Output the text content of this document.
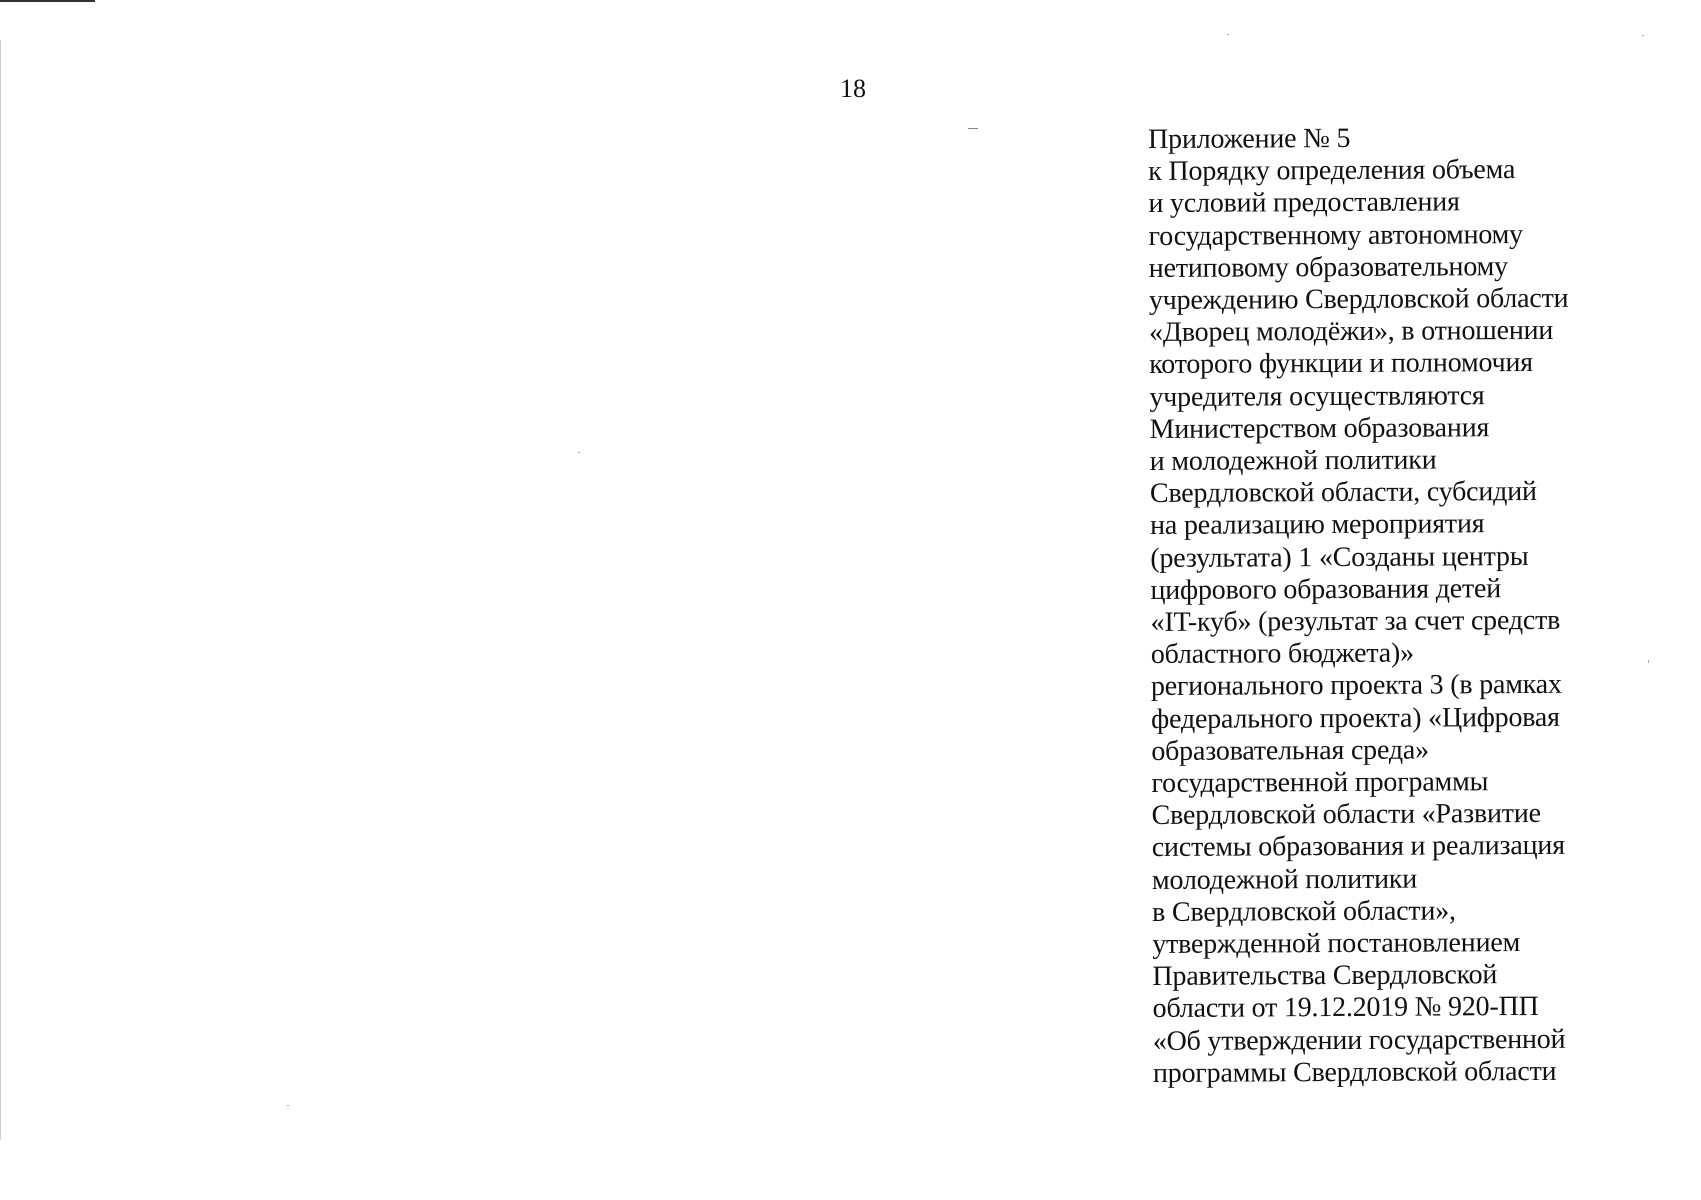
18
Приложение № 5
к Порядку определения объема
и условий предоставления
государственному автономному
нетиповому образовательному
учреждению Свердловской области
«Дворец молодёжи», в отношении
которого функции и полномочия
учредителя осуществляются
Министерством образования
и молодежной политики
Свердловской области, субсидий
на реализацию мероприятия
(результата) 1 «Созданы центры
цифрового образования детей
«IT-куб» (результат за счет средств
областного бюджета)»
регионального проекта 3 (в рамках
федерального проекта) «Цифровая
образовательная среда»
государственной программы
Свердловской области «Развитие
системы образования и реализация
молодежной политики
в Свердловской области»,
утвержденной постановлением
Правительства Свердловской
области от 19.12.2019 № 920-ПП
«Об утверждении государственной
программы Свердловской области
